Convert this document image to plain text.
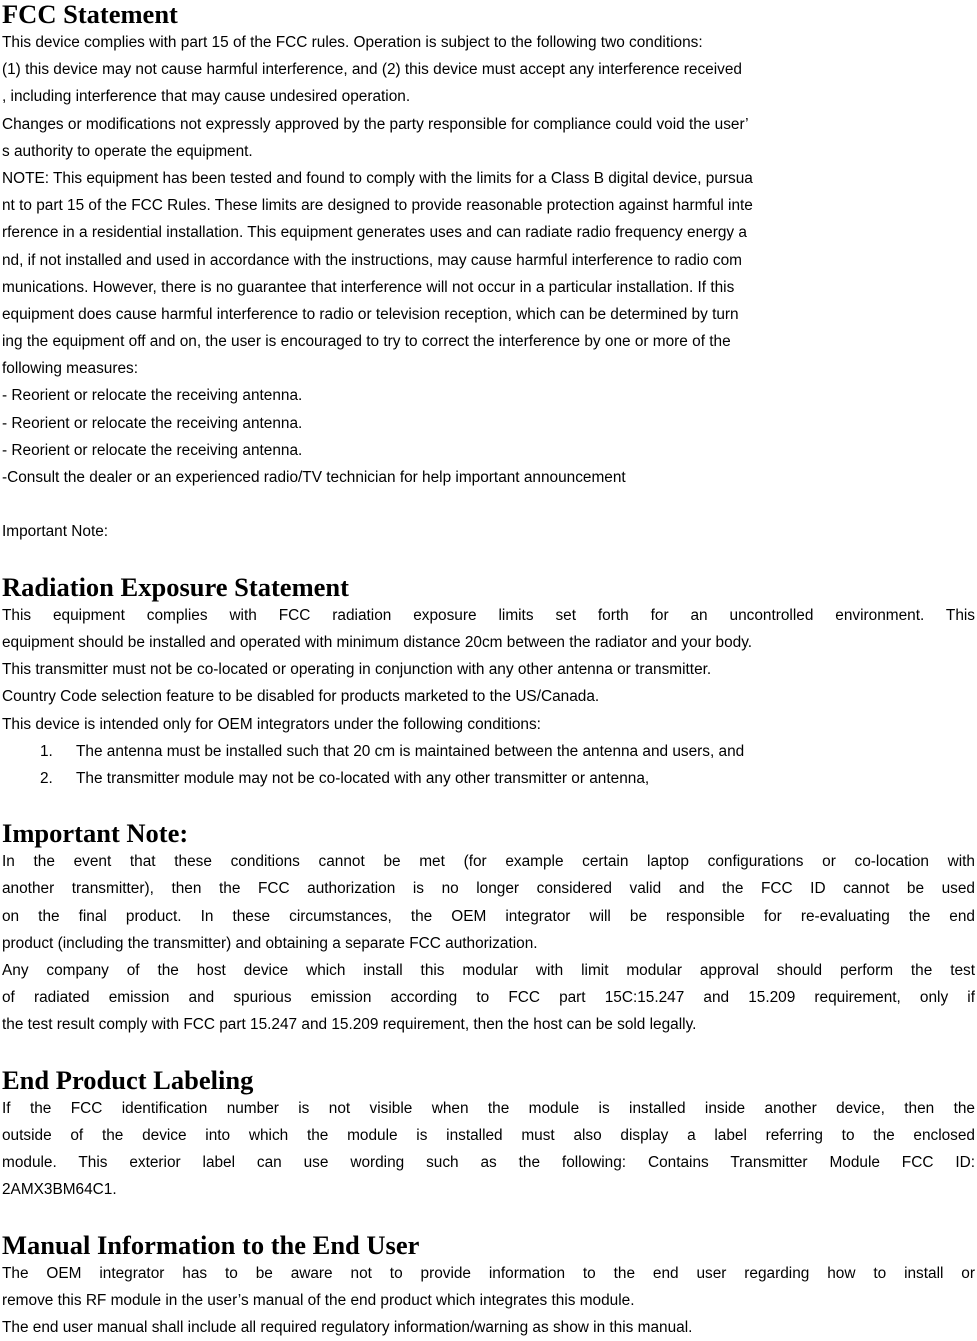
FCC Statement
This device complies with part 15 of the FCC rules. Operation is subject to the following two conditions:
(1) this device may not cause harmful interference, and (2) this device must accept any interference received
, including interference that may cause undesired operation.
Changes or modifications not expressly approved by the party responsible for compliance could void the user’
s authority to operate the equipment.
NOTE: This equipment has been tested and found to comply with the limits for a Class B digital device, pursua
nt to part 15 of the FCC Rules. These limits are designed to provide reasonable protection against harmful inte
rference in a residential installation. This equipment generates uses and can radiate radio frequency energy a
nd, if not installed and used in accordance with the instructions, may cause harmful interference to radio com
munications. However, there is no guarantee that interference will not occur in a particular installation. If this
equipment does cause harmful interference to radio or television reception, which can be determined by turn
ing the equipment off and on, the user is encouraged to try to correct the interference by one or more of the
following measures:
- Reorient or relocate the receiving antenna.
- Reorient or relocate the receiving antenna.
- Reorient or relocate the receiving antenna.
-Consult the dealer or an experienced radio/TV technician for help important announcement
Important Note:
Radiation Exposure Statement
This equipment complies with FCC radiation exposure limits set forth for an uncontrolled environment. This
equipment should be installed and operated with minimum distance 20cm between the radiator and your body.
This transmitter must not be co-located or operating in conjunction with any other antenna or transmitter.
Country Code selection feature to be disabled for products marketed to the US/Canada.
This device is intended only for OEM integrators under the following conditions:
1. The antenna must be installed such that 20 cm is maintained between the antenna and users, and
2. The transmitter module may not be co-located with any other transmitter or antenna,
Important Note:
In the event that these conditions cannot be met (for example certain laptop configurations or co-location with
another transmitter), then the FCC authorization is no longer considered valid and the FCC ID cannot be used
on the final product. In these circumstances, the OEM integrator will be responsible for re-evaluating the end
product (including the transmitter) and obtaining a separate FCC authorization.
Any company of the host device which install this modular with limit modular approval should perform the test
of radiated emission and spurious emission according to FCC part 15C:15.247 and 15.209 requirement, only if
the test result comply with FCC part 15.247 and 15.209 requirement, then the host can be sold legally.
End Product Labeling
If the FCC identification number is not visible when the module is installed inside another device, then the
outside of the device into which the module is installed must also display a label referring to the enclosed
module. This exterior label can use wording such as the following: Contains Transmitter Module FCC ID:
2AMX3BM64C1.
Manual Information to the End User
The OEM integrator has to be aware not to provide information to the end user regarding how to install or
remove this RF module in the user’s manual of the end product which integrates this module.
The end user manual shall include all required regulatory information/warning as show in this manual.
